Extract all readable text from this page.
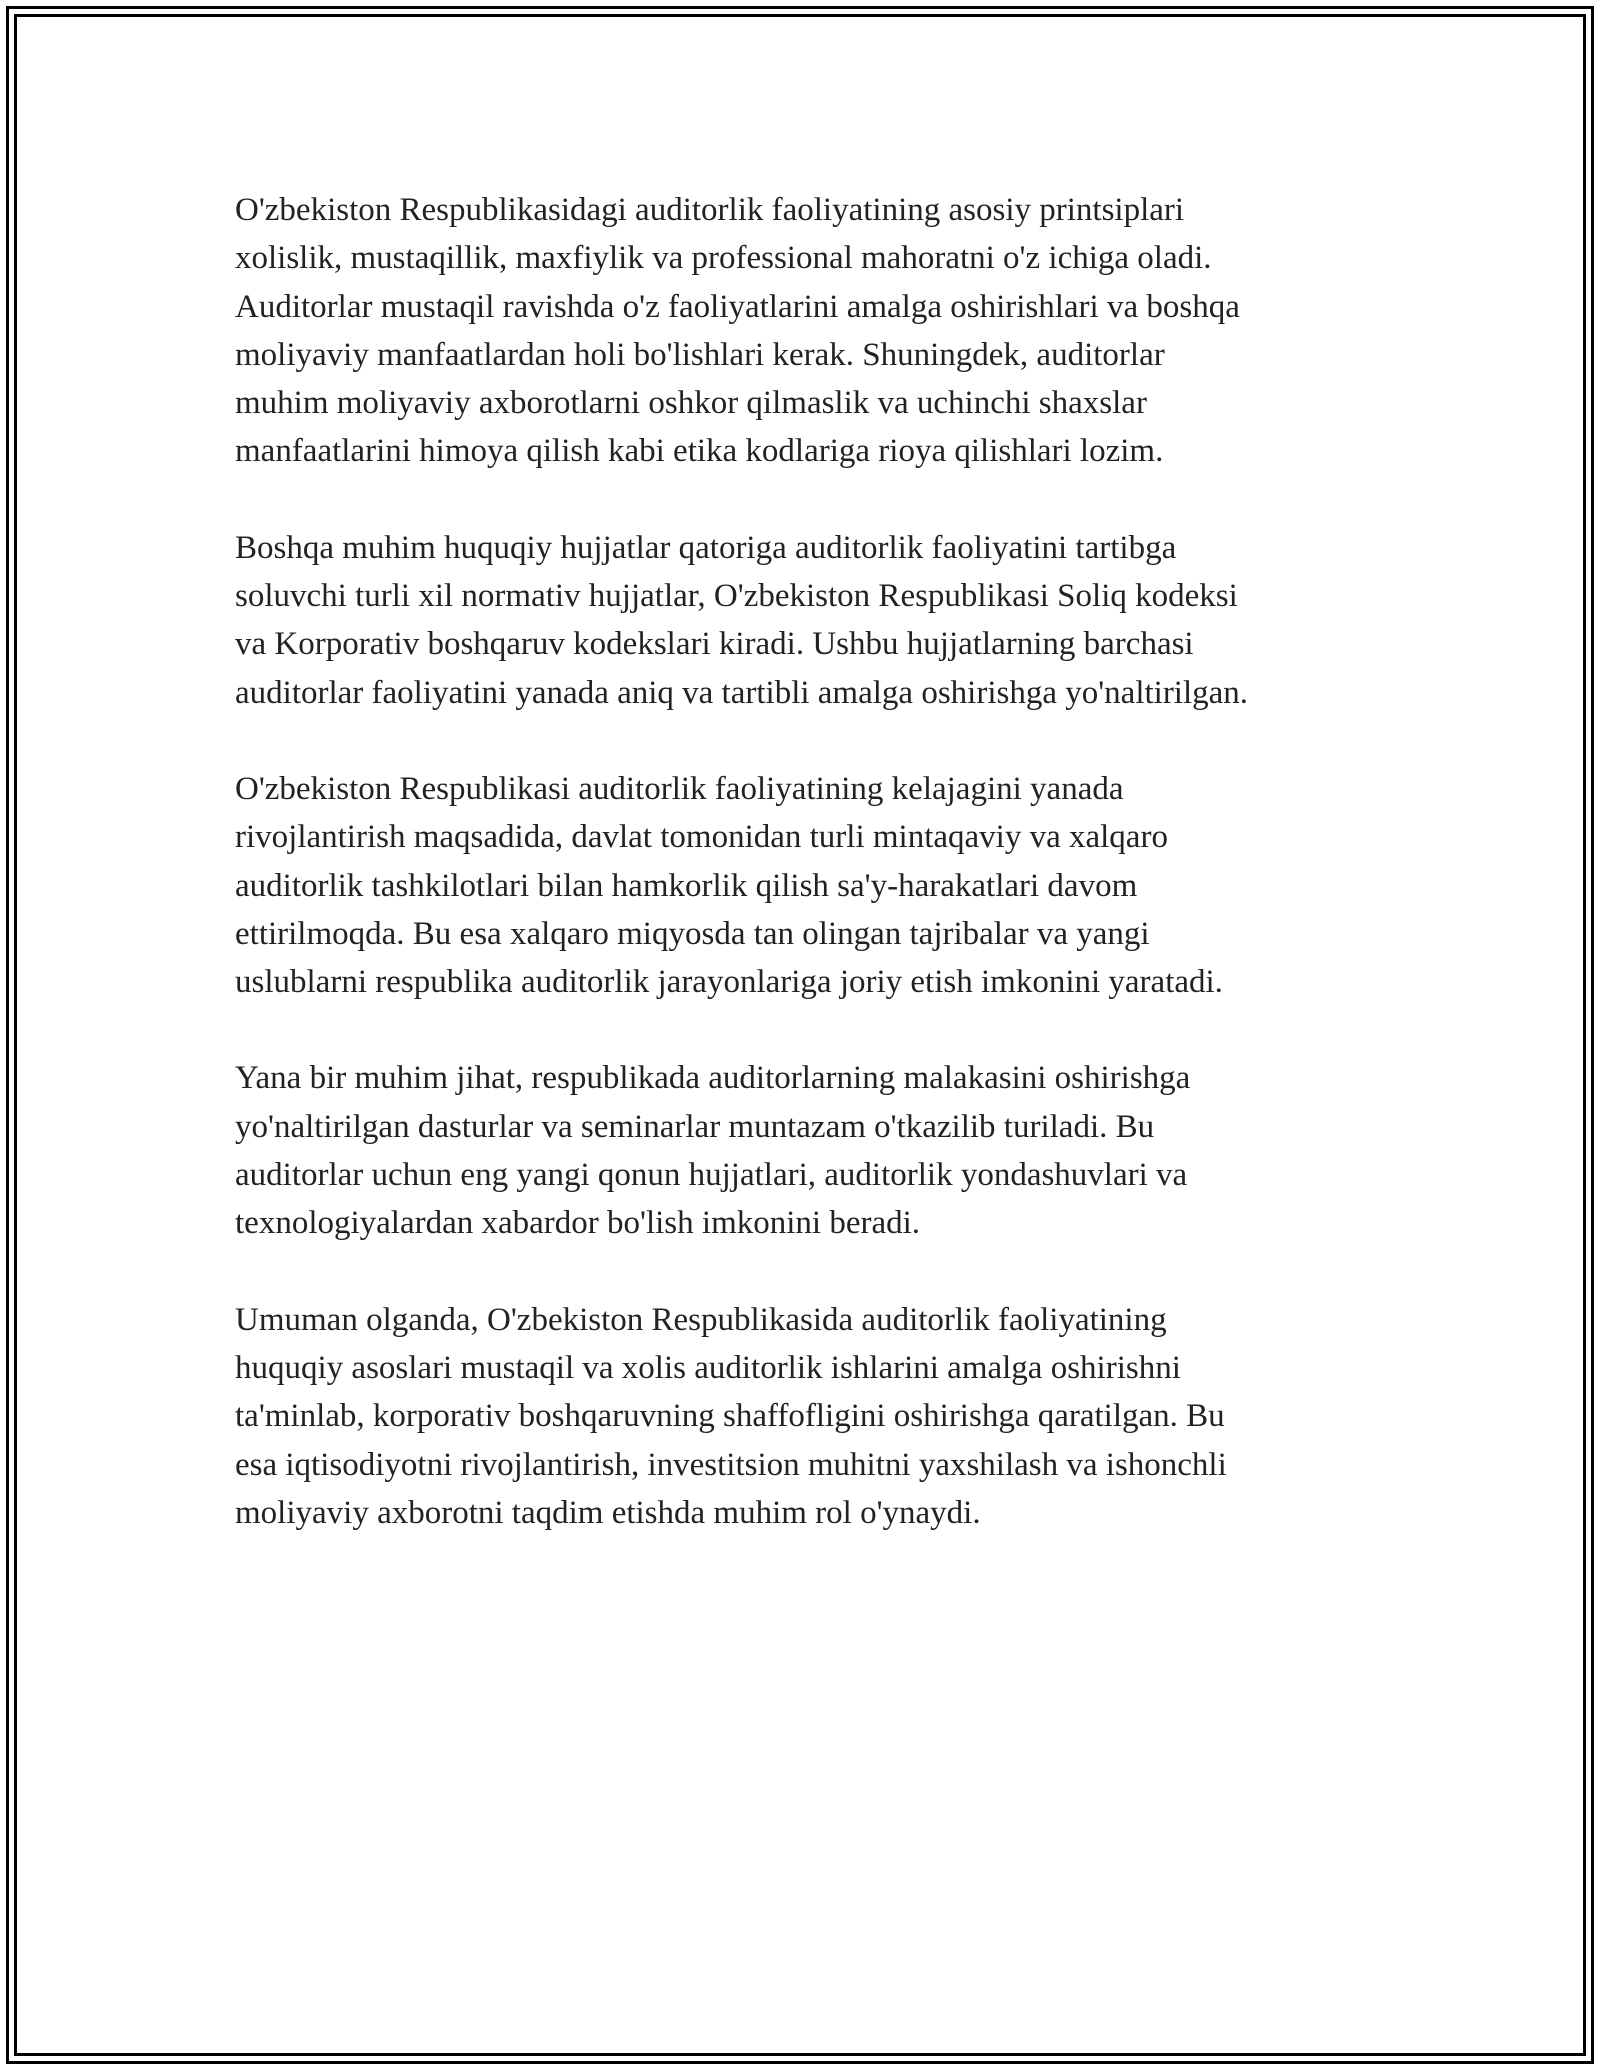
O'zbekiston Respublikasidagi auditorlik faoliyatining asosiy printsiplari
xolislik, mustaqillik, maxfiylik va professional mahoratni o'z ichiga oladi.
Auditorlar mustaqil ravishda o'z faoliyatlarini amalga oshirishlari va boshqa
moliyaviy manfaatlardan holi bo'lishlari kerak. Shuningdek, auditorlar
muhim moliyaviy axborotlarni oshkor qilmaslik va uchinchi shaxslar
manfaatlarini himoya qilish kabi etika kodlariga rioya qilishlari lozim.

Boshqa muhim huquqiy hujjatlar qatoriga auditorlik faoliyatini tartibga
soluvchi turli xil normativ hujjatlar, O'zbekiston Respublikasi Soliq kodeksi
va Korporativ boshqaruv kodekslari kiradi. Ushbu hujjatlarning barchasi
auditorlar faoliyatini yanada aniq va tartibli amalga oshirishga yo'naltirilgan.

O'zbekiston Respublikasi auditorlik faoliyatining kelajagini yanada
rivojlantirish maqsadida, davlat tomonidan turli mintaqaviy va xalqaro
auditorlik tashkilotlari bilan hamkorlik qilish sa'y-harakatlari davom
ettirilmoqda. Bu esa xalqaro miqyosda tan olingan tajribalar va yangi
uslublarni respublika auditorlik jarayonlariga joriy etish imkonini yaratadi.

Yana bir muhim jihat, respublikada auditorlarning malakasini oshirishga
yo'naltirilgan dasturlar va seminarlar muntazam o'tkazilib turiladi. Bu
auditorlar uchun eng yangi qonun hujjatlari, auditorlik yondashuvlari va
texnologiyalardan xabardor bo'lish imkonini beradi.

Umuman olganda, O'zbekiston Respublikasida auditorlik faoliyatining
huquqiy asoslari mustaqil va xolis auditorlik ishlarini amalga oshirishni
ta'minlab, korporativ boshqaruvning shaffofligini oshirishga qaratilgan. Bu
esa iqtisodiyotni rivojlantirish, investitsion muhitni yaxshilash va ishonchli
moliyaviy axborotni taqdim etishda muhim rol o'ynaydi.
